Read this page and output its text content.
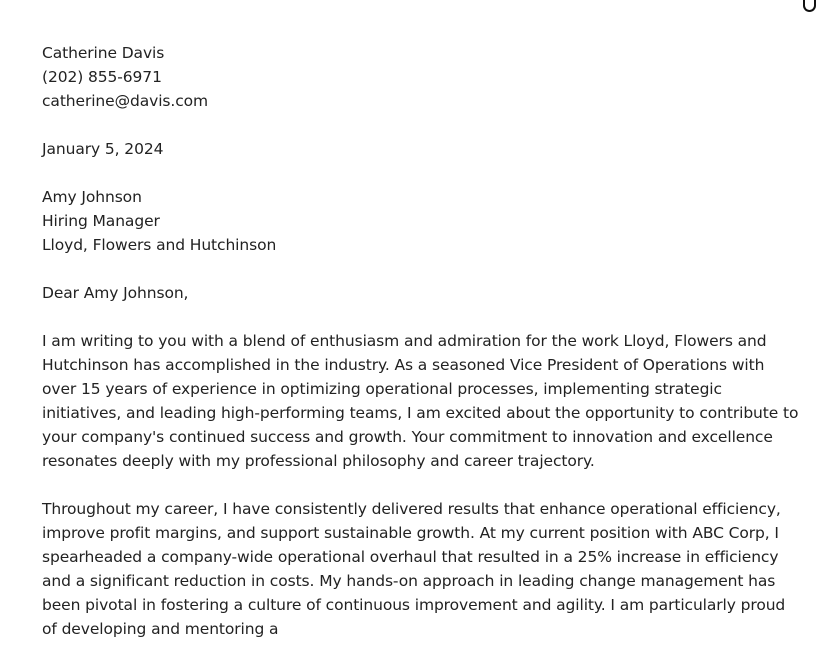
Catherine Davis

(202) 855-6971

catherine@davis.com

January 5, 2024

Amy Johnson

Hiring Manager

Lloyd, Flowers and Hutchinson

Dear Amy Johnson,

I am writing to you with a blend of enthusiasm and admiration for the work Lloyd, Flowers and Hutchinson has accomplished in the industry. As a seasoned Vice President of Operations with over 15 years of experience in optimizing operational processes, implementing strategic initiatives, and leading high-performing teams, I am excited about the opportunity to contribute to your company's continued success and growth. Your commitment to innovation and excellence resonates deeply with my professional philosophy and career trajectory.

Throughout my career, I have consistently delivered results that enhance operational efficiency, improve profit margins, and support sustainable growth. At my current position with ABC Corp, I spearheaded a company-wide operational overhaul that resulted in a 25% increase in efficiency and a significant reduction in costs. My hands-on approach in leading change management has been pivotal in fostering a culture of continuous improvement and agility. I am particularly proud of developing and mentoring a
